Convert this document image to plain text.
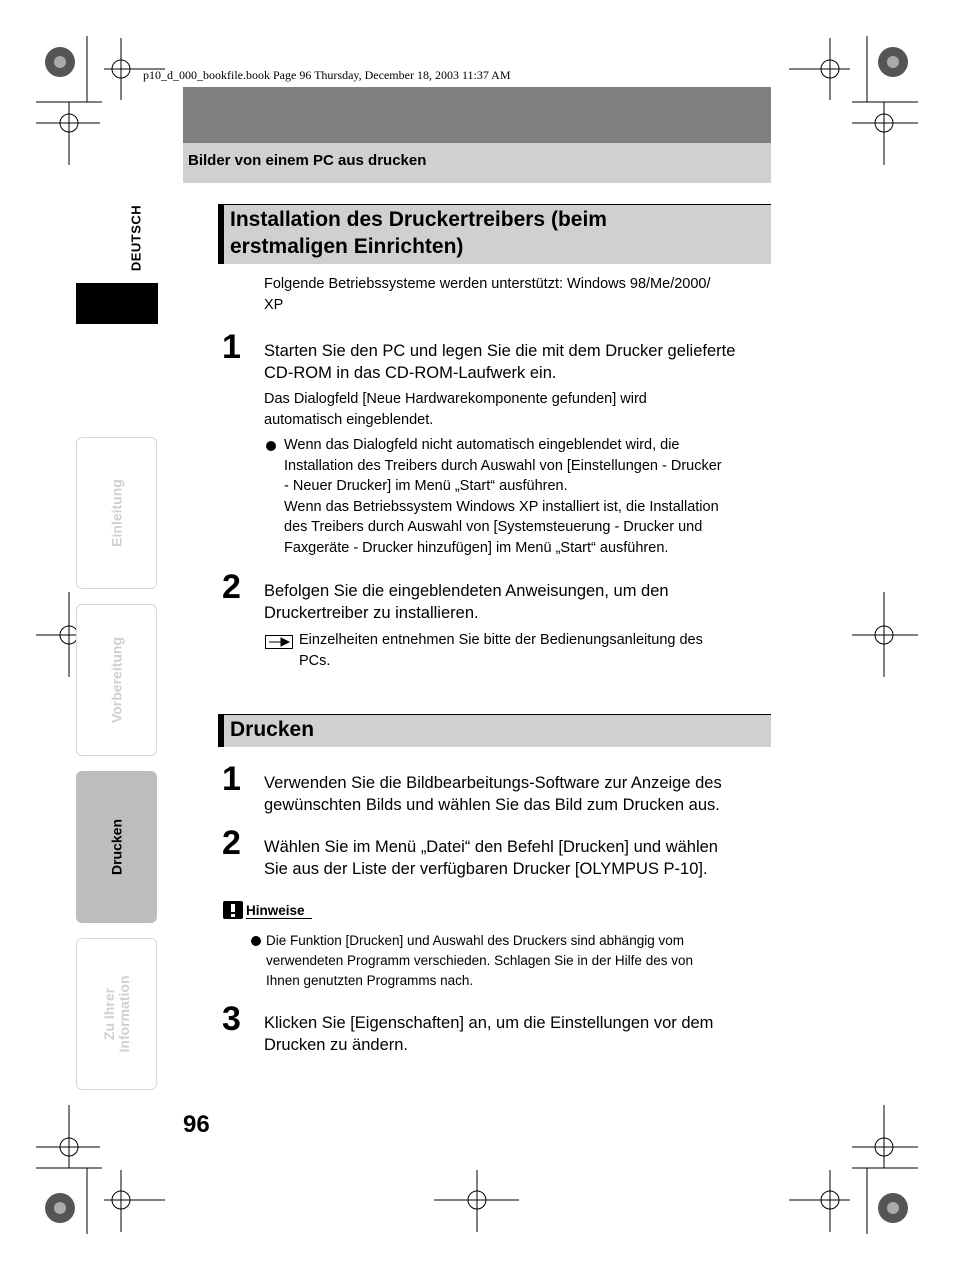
p10_d_000_bookfile.book Page 96 Thursday, December 18, 2003 11:37 AM
Bilder von einem PC aus drucken
DEUTSCH
Einleitung
Vorbereitung
Drucken
Zu Ihrer Information
Installation des Druckertreibers (beim
erstmaligen Einrichten)
Folgende Betriebssysteme werden unterstützt: Windows 98/Me/2000/
XP
1 Starten Sie den PC und legen Sie die mit dem Drucker gelieferte
CD-ROM in das CD-ROM-Laufwerk ein.
Das Dialogfeld [Neue Hardwarekomponente gefunden] wird
automatisch eingeblendet.
Wenn das Dialogfeld nicht automatisch eingeblendet wird, die
Installation des Treibers durch Auswahl von [Einstellungen - Drucker
- Neuer Drucker] im Menü „Start“ ausführen.
Wenn das Betriebssystem Windows XP installiert ist, die Installation
des Treibers durch Auswahl von [Systemsteuerung - Drucker und
Faxgeräte - Drucker hinzufügen] im Menü „Start“ ausführen.
2 Befolgen Sie die eingeblendeten Anweisungen, um den
Druckertreiber zu installieren.
Einzelheiten entnehmen Sie bitte der Bedienungsanleitung des
PCs.
Drucken
1 Verwenden Sie die Bildbearbeitungs-Software zur Anzeige des
gewünschten Bilds und wählen Sie das Bild zum Drucken aus.
2 Wählen Sie im Menü „Datei“ den Befehl [Drucken] und wählen
Sie aus der Liste der verfügbaren Drucker [OLYMPUS P-10].
Hinweise
Die Funktion [Drucken] und Auswahl des Druckers sind abhängig vom
verwendeten Programm verschieden. Schlagen Sie in der Hilfe des von
Ihnen genutzten Programms nach.
3 Klicken Sie [Eigenschaften] an, um die Einstellungen vor dem
Drucken zu ändern.
96
